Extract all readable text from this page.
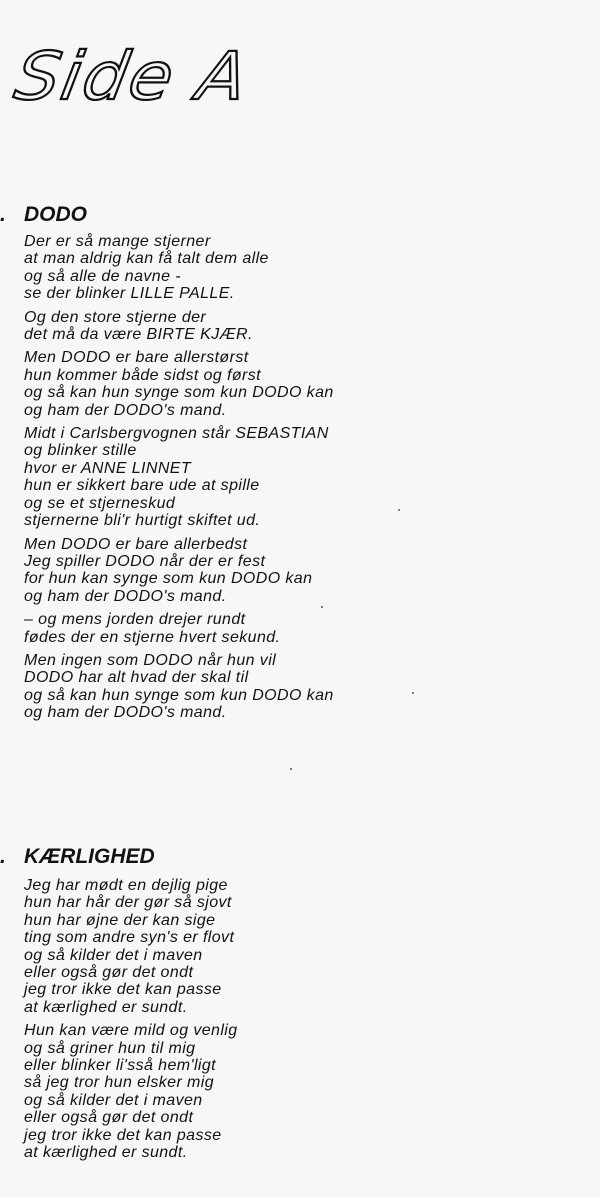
Side A
. DODO
Der er så mange stjerner
at man aldrig kan få talt dem alle
og så alle de navne -
se der blinker LILLE PALLE.
Og den store stjerne der
det må da være BIRTE KJÆR.
Men DODO er bare allerstørst
hun kommer både sidst og først
og så kan hun synge som kun DODO kan
og ham der DODO's mand.
Midt i Carlsbergvognen står SEBASTIAN
og blinker stille
hvor er ANNE LINNET
hun er sikkert bare ude at spille
og se et stjerneskud
stjernerne bli'r hurtigt skiftet ud.
Men DODO er bare allerbedst
Jeg spiller DODO når der er fest
for hun kan synge som kun DODO kan
og ham der DODO's mand.
– og mens jorden drejer rundt
fødes der en stjerne hvert sekund.
Men ingen som DODO når hun vil
DODO har alt hvad der skal til
og så kan hun synge som kun DODO kan
og ham der DODO's mand.
. KÆRLIGHED
Jeg har mødt en dejlig pige
hun har hår der gør så sjovt
hun har øjne der kan sige
ting som andre syn's er flovt
og så kilder det i maven
eller også gør det ondt
jeg tror ikke det kan passe
at kærlighed er sundt.
Hun kan være mild og venlig
og så griner hun til mig
eller blinker li'sså hem'ligt
så jeg tror hun elsker mig
og så kilder det i maven
eller også gør det ondt
jeg tror ikke det kan passe
at kærlighed er sundt.
